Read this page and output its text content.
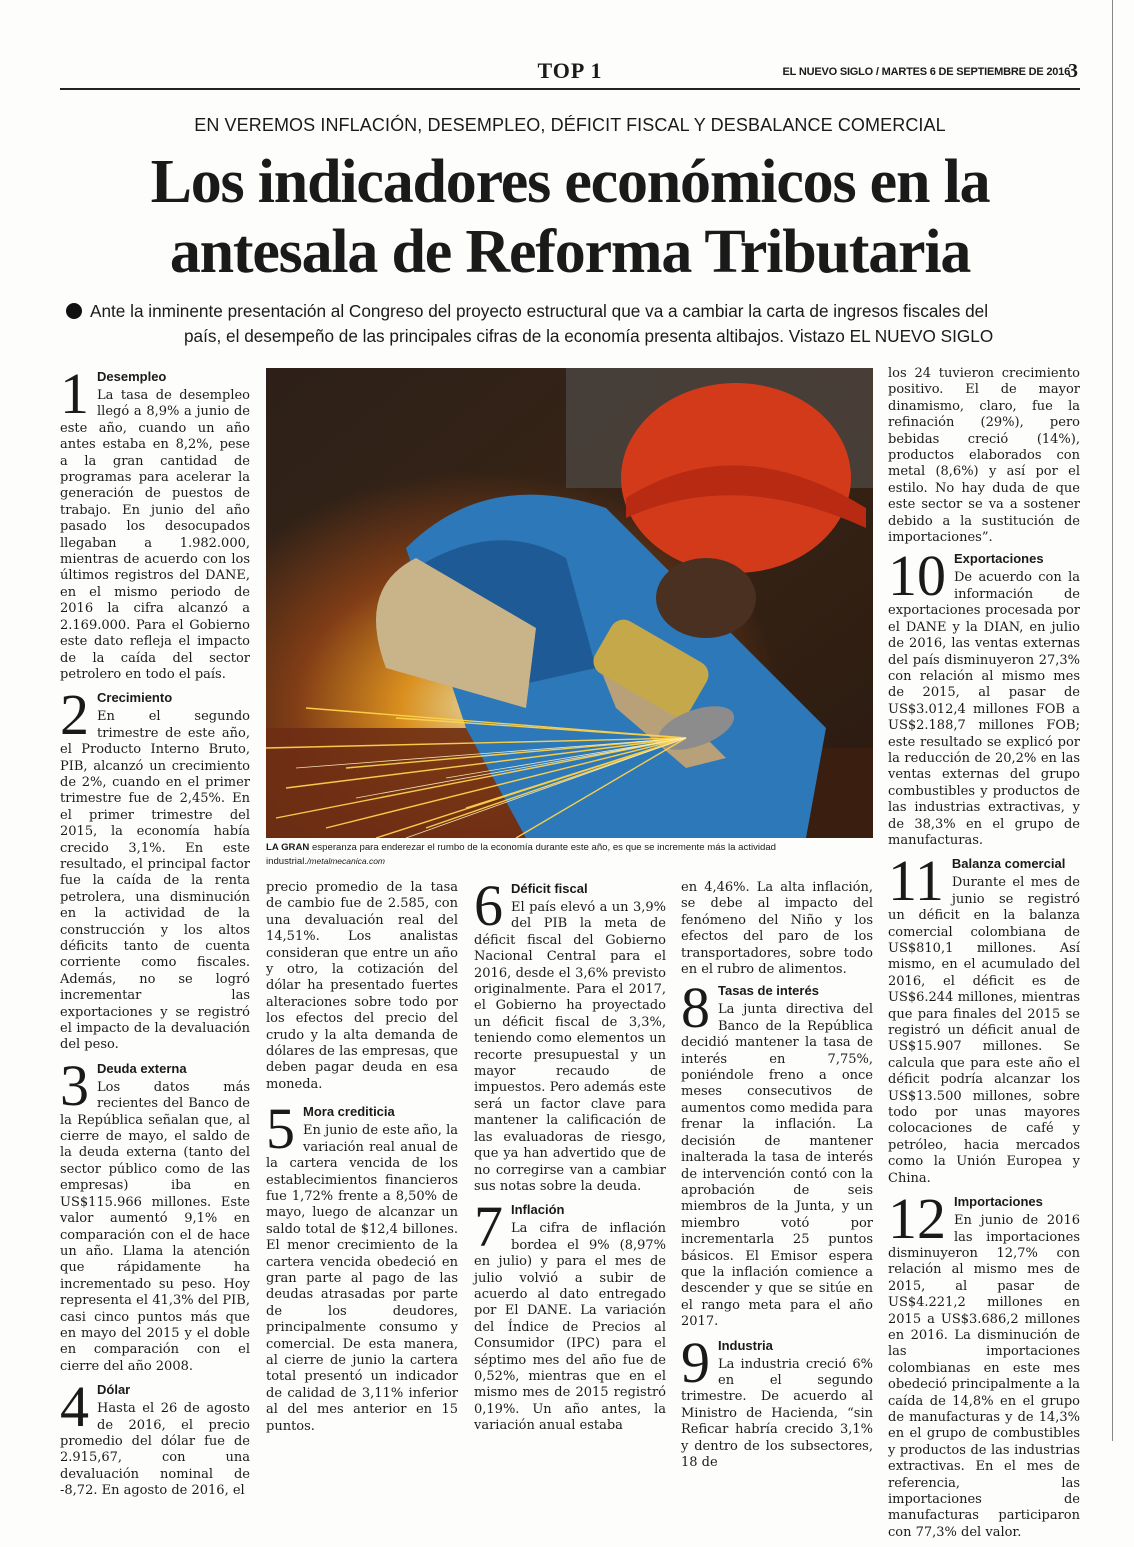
TOP 1	EL NUEVO SIGLO / MARTES 6 DE SEPTIEMBRE DE 2016
3
EN VEREMOS INFLACIÓN, DESEMPLEO, DÉFICIT FISCAL Y DESBALANCE COMERCIAL
Los indicadores económicos en la
antesala de Reforma Tributaria
Ante la inminente presentación al Congreso del proyecto estructural que va a cambiar la carta de ingresos fiscales del
país, el desempeño de las principales cifras de la economía presenta altibajos. Vistazo EL NUEVO SIGLO
1 Desempleo

La tasa de desempleo llegó a 8,9% a junio de este año, cuando un año antes estaba en 8,2%, pese a la gran cantidad de programas para acelerar la generación de puestos de trabajo. En junio del año pasado los desocupados llegaban a 1.982.000, mientras de acuerdo con los últimos registros del DANE, en el mismo periodo de 2016 la cifra alcanzó a 2.169.000. Para el Gobierno este dato refleja el impacto de la caída del sector petrolero en todo el país.

2 Crecimiento

En el segundo trimestre de este año, el Producto Interno Bruto, PIB, alcanzó un crecimiento de 2%, cuando en el primer trimestre fue de 2,45%. En el primer trimestre del 2015, la economía había crecido 3,1%. En este resultado, el principal factor fue la caída de la renta petrolera, una disminución en la actividad de la construcción y los altos déficits tanto de cuenta corriente como fiscales. Además, no se logró incrementar las exportaciones y se registró el impacto de la devaluación del peso.

3 Deuda externa

Los datos más recientes del Banco de la República señalan que, al cierre de mayo, el saldo de la deuda externa (tanto del sector público como de las empresas) iba en US$115.966 millones. Este valor aumentó 9,1% en comparación con el de hace un año. Llama la atención que rápidamente ha incrementado su peso. Hoy representa el 41,3% del PIB, casi cinco puntos más que en mayo del 2015 y el doble en comparación con el cierre del año 2008.

4 Dólar

Hasta el 26 de agosto de 2016, el precio promedio del dólar fue de 2.915,67, con una devaluación nominal de -8,72. En agosto de 2016, el

LA GRAN esperanza para enderezar el rumbo de la economía durante este año, es que se incremente más la actividad industrial./metalmecanica.com

precio promedio de la tasa de cambio fue de 2.585, con una devaluación real del 14,51%. Los analistas consideran que entre un año y otro, la cotización del dólar ha presentado fuertes alteraciones sobre todo por los efectos del precio del crudo y la alta demanda de dólares de las empresas, que deben pagar deuda en esa moneda.

5 Mora crediticia

En junio de este año, la variación real anual de la cartera vencida de los establecimientos financieros fue 1,72% frente a 8,50% de mayo, luego de alcanzar un saldo total de $12,4 billones. El menor crecimiento de la cartera vencida obedeció en gran parte al pago de las deudas atrasadas por parte de los deudores, principalmente consumo y comercial. De esta manera, al cierre de junio la cartera total presentó un indicador de calidad de 3,11% inferior al del mes anterior en 15 puntos.

6 Déficit fiscal

El país elevó a un 3,9% del PIB la meta de déficit fiscal del Gobierno Nacional Central para el 2016, desde el 3,6% previsto originalmente. Para el 2017, el Gobierno ha proyectado un déficit fiscal de 3,3%, teniendo como elementos un recorte presupuestal y un mayor recaudo de impuestos. Pero además este será un factor clave para mantener la calificación de las evaluadoras de riesgo, que ya han advertido que de no corregirse van a cambiar sus notas sobre la deuda.

7 Inflación

La cifra de inflación bordea el 9% (8,97% en julio) y para el mes de julio volvió a subir de acuerdo al dato entregado por El DANE. La variación del Índice de Precios al Consumidor (IPC) para el séptimo mes del año fue de 0,52%, mientras que en el mismo mes de 2015 registró 0,19%. Un año antes, la variación anual estaba

en 4,46%. La alta inflación, se debe al impacto del fenómeno del Niño y los efectos del paro de los transportadores, sobre todo en el rubro de alimentos.

8 Tasas de interés

La junta directiva del Banco de la República decidió mantener la tasa de interés en 7,75%, poniéndole freno a once meses consecutivos de aumentos como medida para frenar la inflación. La decisión de mantener inalterada la tasa de interés de intervención contó con la aprobación de seis miembros de la Junta, y un miembro votó por incrementarla 25 puntos básicos. El Emisor espera que la inflación comience a descender y que se sitúe en el rango meta para el año 2017.

9 Industria

La industria creció 6% en el segundo trimestre. De acuerdo al Ministro de Hacienda, “sin Reficar habría crecido 3,1% y dentro de los subsectores, 18 de

los 24 tuvieron crecimiento positivo. El de mayor dinamismo, claro, fue la refinación (29%), pero bebidas creció (14%), productos elaborados con metal (8,6%) y así por el estilo. No hay duda de que este sector se va a sostener debido a la sustitución de importaciones”.

10 Exportaciones

De acuerdo con la información de exportaciones procesada por el DANE y la DIAN, en julio de 2016, las ventas externas del país disminuyeron 27,3% con relación al mismo mes de 2015, al pasar de US$3.012,4 millones FOB a US$2.188,7 millones FOB; este resultado se explicó por la reducción de 20,2% en las ventas externas del grupo combustibles y productos de las industrias extractivas, y de 38,3% en el grupo de manufacturas.

11 Balanza comercial

Durante el mes de junio se registró un déficit en la balanza comercial colombiana de US$810,1 millones. Así mismo, en el acumulado del 2016, el déficit es de US$6.244 millones, mientras que para finales del 2015 se registró un déficit anual de US$15.907 millones. Se calcula que para este año el déficit podría alcanzar los US$13.500 millones, sobre todo por unas mayores colocaciones de café y petróleo, hacia mercados como la Unión Europea y China.

12 Importaciones

En junio de 2016 las importaciones disminuyeron 12,7% con relación al mismo mes de 2015, al pasar de US$4.221,2 millones en 2015 a US$3.686,2 millones en 2016. La disminución de las importaciones colombianas en este mes obedeció principalmente a la caída de 14,8% en el grupo de manufacturas y de 14,3% en el grupo de combustibles y productos de las industrias extractivas. En el mes de referencia, las importaciones de manufacturas participaron con 77,3% del valor.
